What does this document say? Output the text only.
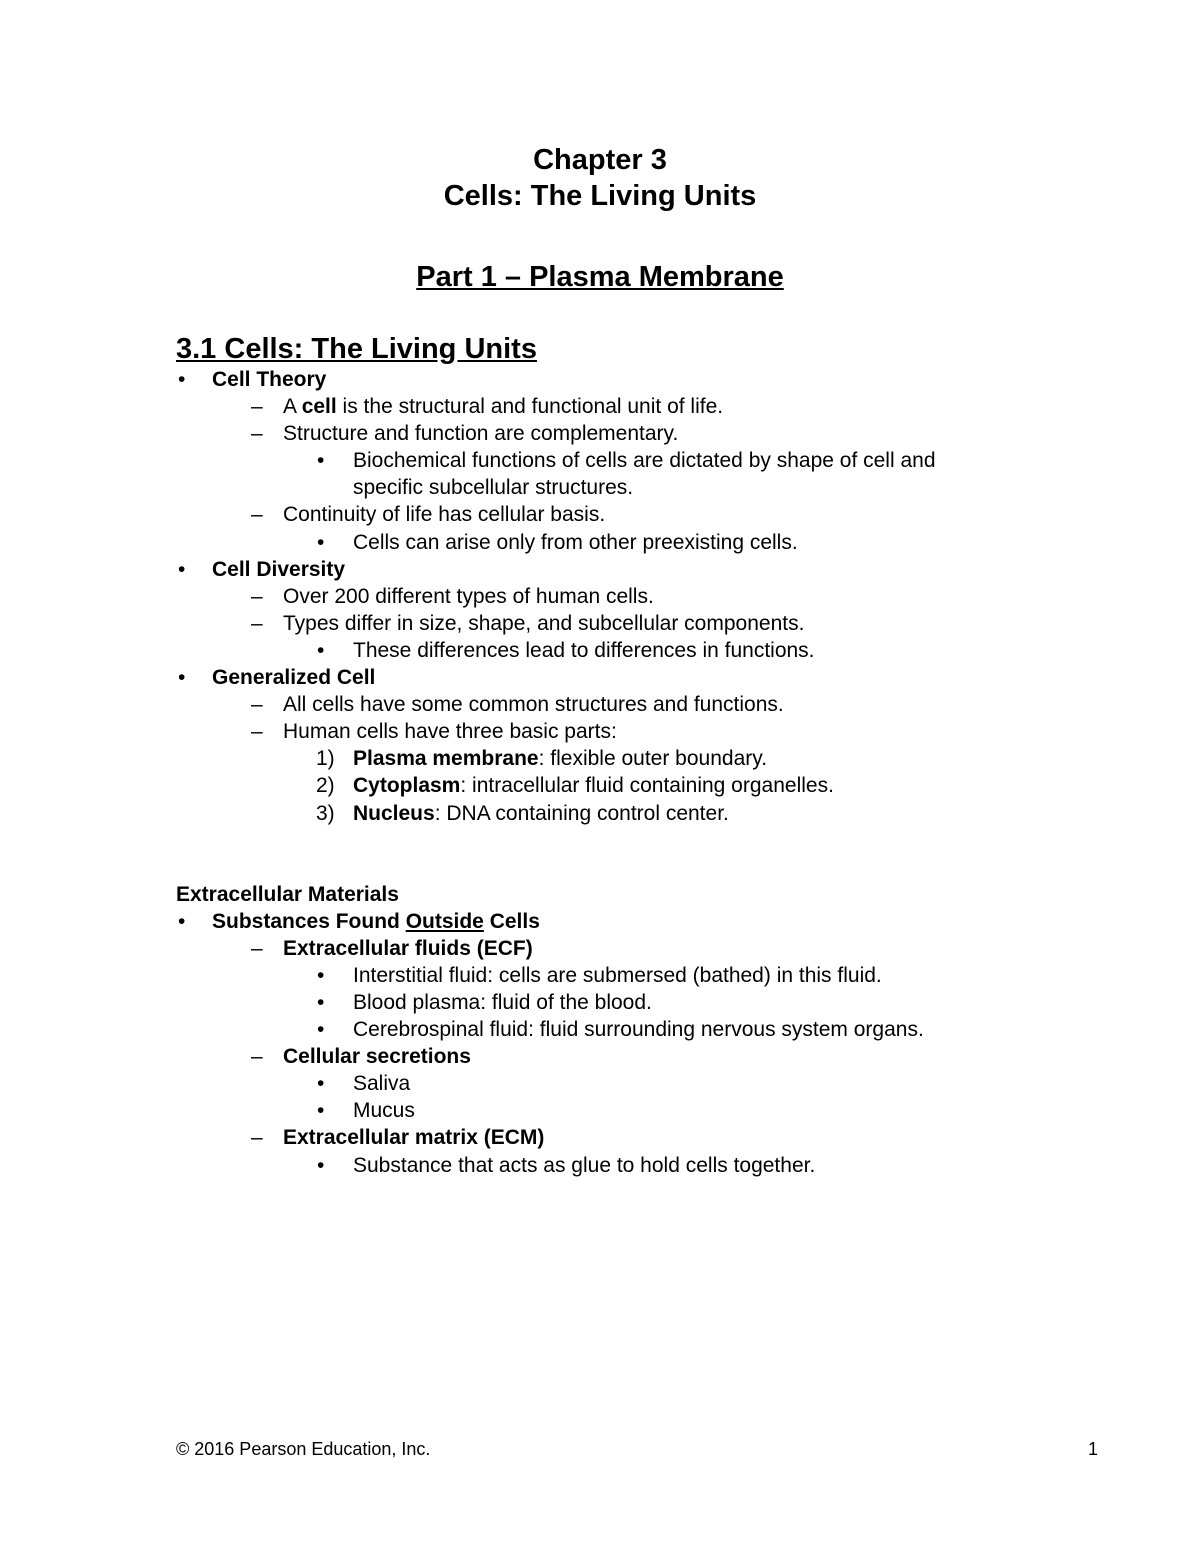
Chapter 3
Cells: The Living Units
Part 1 – Plasma Membrane
3.1 Cells: The Living Units
• Cell Theory
– A cell is the structural and functional unit of life.
– Structure and function are complementary.
• Biochemical functions of cells are dictated by shape of cell and
specific subcellular structures.
– Continuity of life has cellular basis.
• Cells can arise only from other preexisting cells.
• Cell Diversity
– Over 200 different types of human cells.
– Types differ in size, shape, and subcellular components.
• These differences lead to differences in functions.
• Generalized Cell
– All cells have some common structures and functions.
– Human cells have three basic parts:
1) Plasma membrane: flexible outer boundary.
2) Cytoplasm: intracellular fluid containing organelles.
3) Nucleus: DNA containing control center.
Extracellular Materials
• Substances Found Outside Cells
– Extracellular fluids (ECF)
• Interstitial fluid: cells are submersed (bathed) in this fluid.
• Blood plasma: fluid of the blood.
• Cerebrospinal fluid: fluid surrounding nervous system organs.
– Cellular secretions
• Saliva
• Mucus
– Extracellular matrix (ECM)
• Substance that acts as glue to hold cells together.
© 2016 Pearson Education, Inc.	1
